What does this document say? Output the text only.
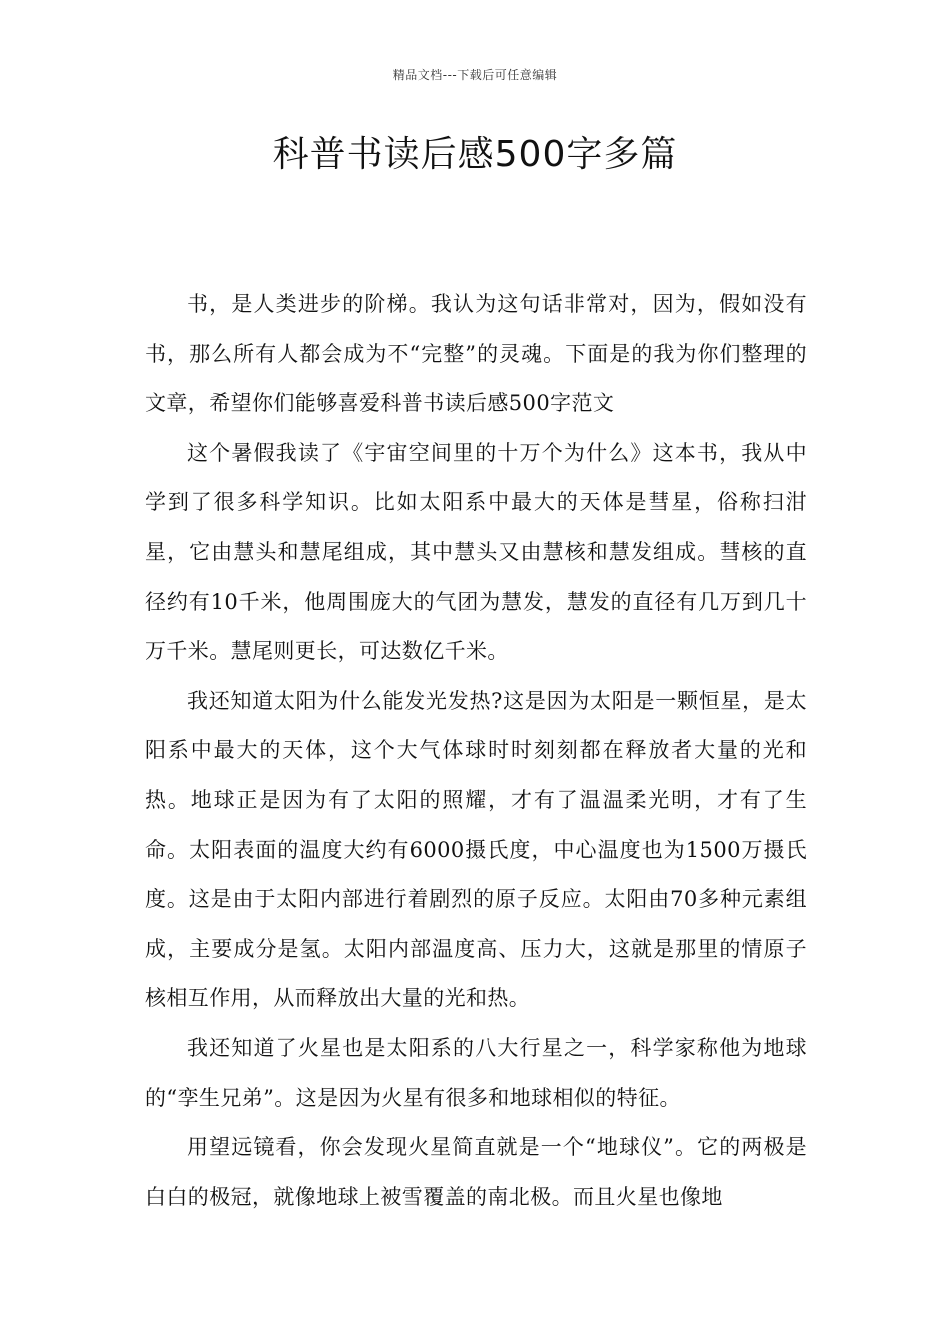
精品文档---下载后可任意编辑
科普书读后感500字多篇

书，是人类进步的阶梯。我认为这句话非常对，因为，假如没有书，那么所有人都会成为不“完整”的灵魂。下面是的我为你们整理的文章，希望你们能够喜爱科普书读后感500字范文

这个暑假我读了《宇宙空间里的十万个为什么》这本书，我从中学到了很多科学知识。比如太阳系中最大的天体是彗星，俗称扫泔星，它由慧头和慧尾组成，其中慧头又由慧核和慧发组成。彗核的直径约有10千米，他周围庞大的气团为慧发，慧发的直径有几万到几十万千米。慧尾则更长，可达数亿千米。

我还知道太阳为什么能发光发热?这是因为太阳是一颗恒星，是太阳系中最大的天体，这个大气体球时时刻刻都在释放者大量的光和热。地球正是因为有了太阳的照耀，才有了温温柔光明，才有了生命。太阳表面的温度大约有6000摄氏度，中心温度也为1500万摄氏度。这是由于太阳内部进行着剧烈的原子反应。太阳由70多种元素组成，主要成分是氢。太阳内部温度高、压力大，这就是那里的情原子核相互作用，从而释放出大量的光和热。

我还知道了火星也是太阳系的八大行星之一，科学家称他为地球的“孪生兄弟”。这是因为火星有很多和地球相似的特征。

用望远镜看，你会发现火星简直就是一个“地球仪”。它的两极是白白的极冠，就像地球上被雪覆盖的南北极。而且火星也像地
